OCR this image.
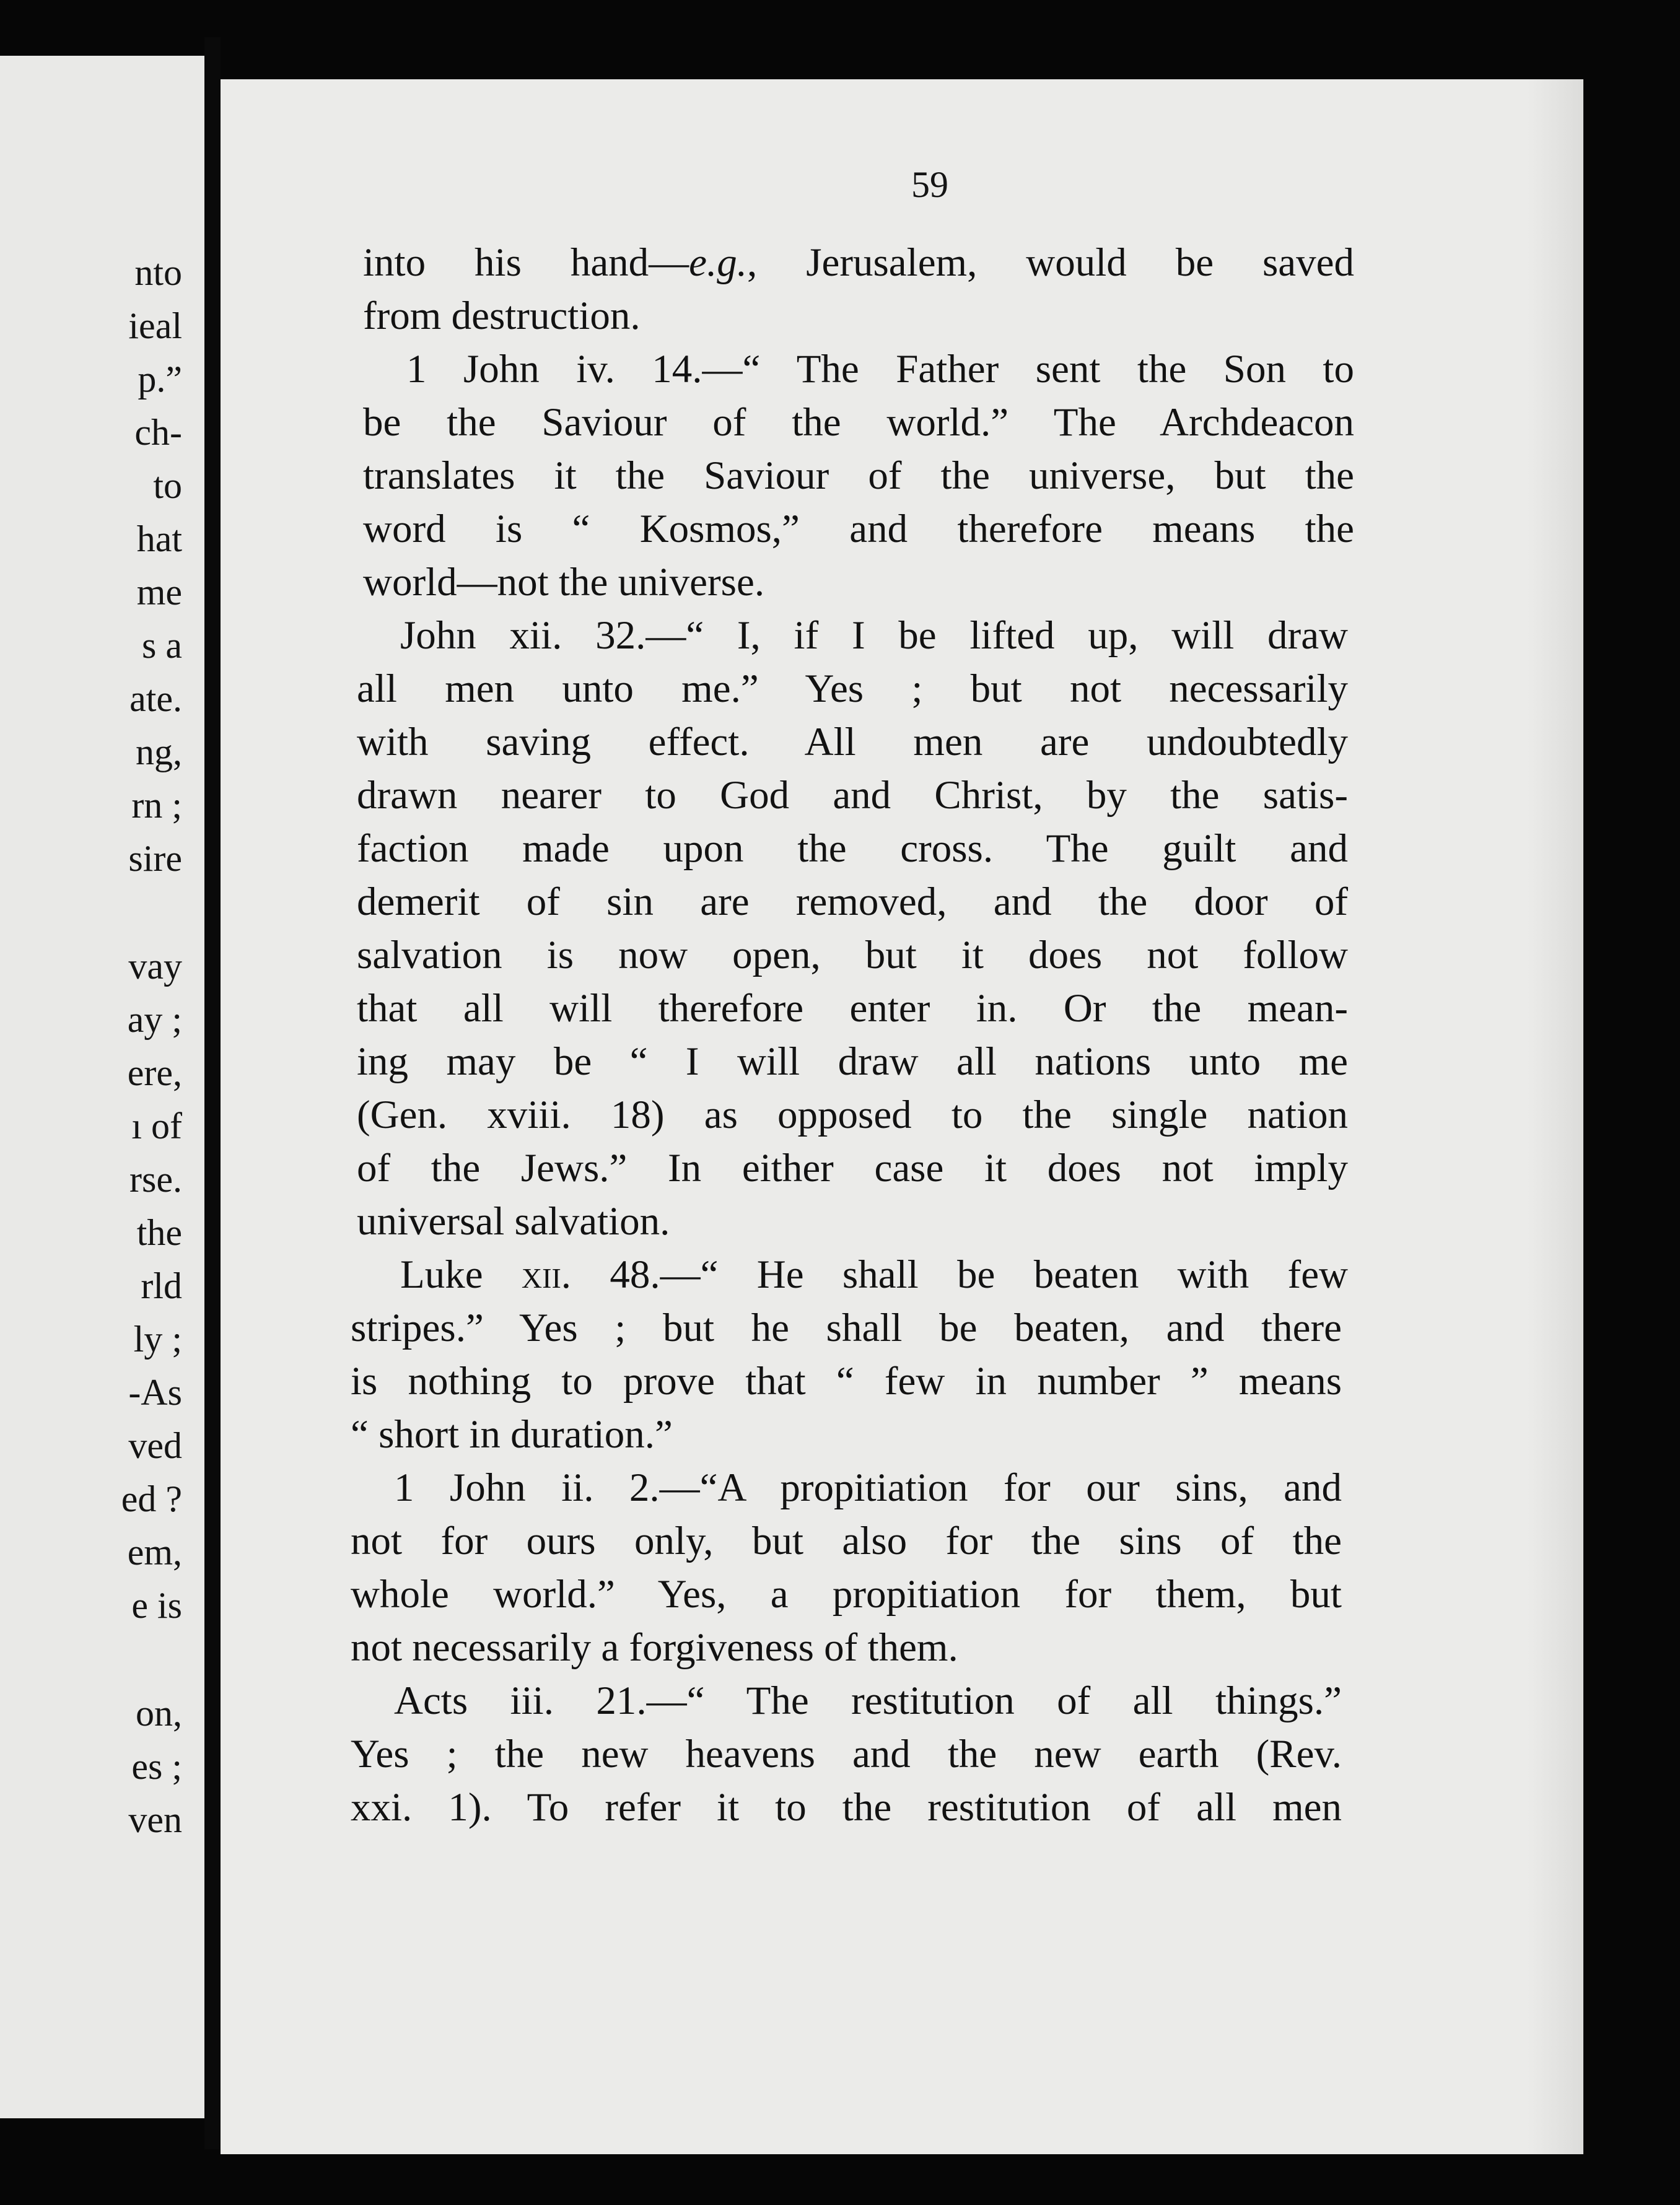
nto
ieal
p.”
ch-
to
hat
me
s a
ate.
ng,
rn ;
sire
vay
ay ;
ere,
ı of
rse.
the
rld
ly ;
-As
ved
ed ?
em,
e is
on,
es ;
ven
59
into his hand—e.g., Jerusalem, would be saved
from destruction.
1 John iv. 14.—“ The Father sent the Son to
be the Saviour of the world.” The Archdeacon
translates it the Saviour of the universe, but the
word is “ Kosmos,” and therefore means the
world—not the universe.
John xii. 32.—“ I, if I be lifted up, will draw
all men unto me.” Yes ; but not necessarily
with saving effect. All men are undoubtedly
drawn nearer to God and Christ, by the satis-
faction made upon the cross. The guilt and
demerit of sin are removed, and the door of
salvation is now open, but it does not follow
that all will therefore enter in. Or the mean-
ing may be “ I will draw all nations unto me
(Gen. xviii. 18) as opposed to the single nation
of the Jews.” In either case it does not imply
universal salvation.
Luke xii. 48.—“ He shall be beaten with few
stripes.” Yes ; but he shall be beaten, and there
is nothing to prove that “ few in number ” means
“ short in duration.”
1 John ii. 2.—“A propitiation for our sins, and
not for ours only, but also for the sins of the
whole world.” Yes, a propitiation for them, but
not necessarily a forgiveness of them.
Acts iii. 21.—“ The restitution of all things.”
Yes ; the new heavens and the new earth (Rev.
xxi. 1). To refer it to the restitution of all men
